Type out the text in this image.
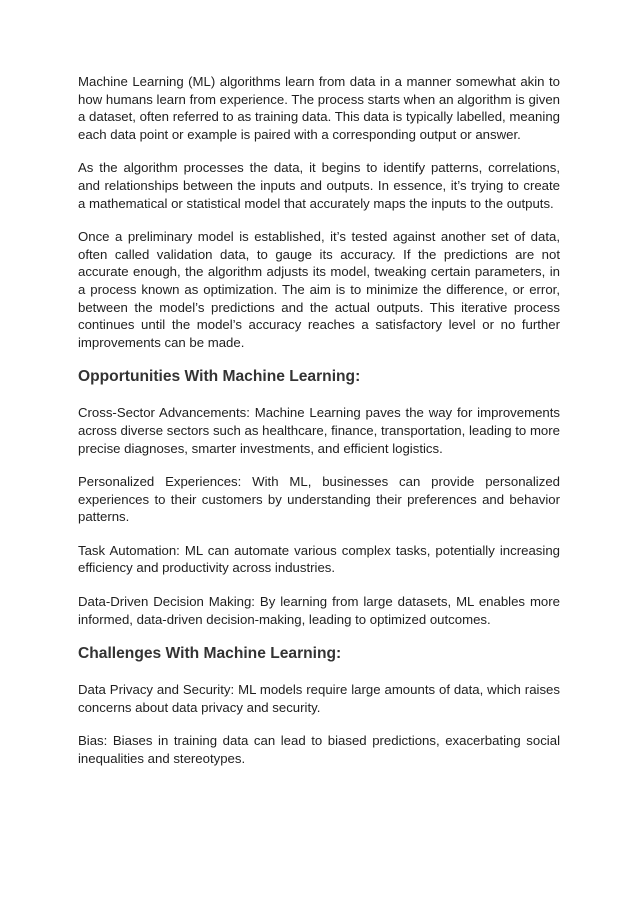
Machine Learning (ML) algorithms learn from data in a manner somewhat akin to how humans learn from experience. The process starts when an algorithm is given a dataset, often referred to as training data. This data is typically labelled, meaning each data point or example is paired with a corresponding output or answer.

As the algorithm processes the data, it begins to identify patterns, correlations, and relationships between the inputs and outputs. In essence, it’s trying to create a mathematical or statistical model that accurately maps the inputs to the outputs.

Once a preliminary model is established, it’s tested against another set of data, often called validation data, to gauge its accuracy. If the predictions are not accurate enough, the algorithm adjusts its model, tweaking certain parameters, in a process known as optimization. The aim is to minimize the difference, or error, between the model’s predictions and the actual outputs. This iterative process continues until the model’s accuracy reaches a satisfactory level or no further improvements can be made.

Opportunities With Machine Learning:

Cross-Sector Advancements: Machine Learning paves the way for improvements across diverse sectors such as healthcare, finance, transportation, leading to more precise diagnoses, smarter investments, and efficient logistics.

Personalized Experiences: With ML, businesses can provide personalized experiences to their customers by understanding their preferences and behavior patterns.

Task Automation: ML can automate various complex tasks, potentially increasing efficiency and productivity across industries.

Data-Driven Decision Making: By learning from large datasets, ML enables more informed, data-driven decision-making, leading to optimized outcomes.

Challenges With Machine Learning:

Data Privacy and Security: ML models require large amounts of data, which raises concerns about data privacy and security.

Bias: Biases in training data can lead to biased predictions, exacerbating social inequalities and stereotypes.
